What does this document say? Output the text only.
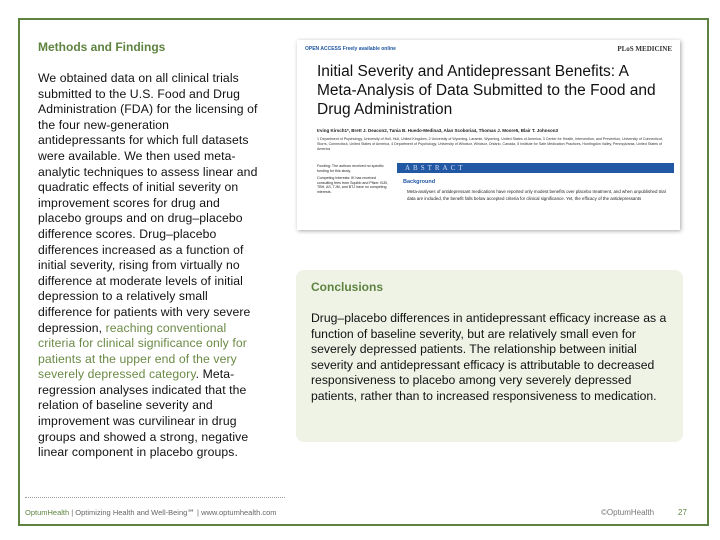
Methods and Findings
We obtained data on all clinical trials
submitted to the U.S. Food and Drug
Administration (FDA) for the licensing of
the four new-generation
antidepressants for which full datasets
were available. We then used meta-
analytic techniques to assess linear and
quadratic effects of initial severity on
improvement scores for drug and
placebo groups and on drug–placebo
difference scores. Drug–placebo
differences increased as a function of
initial severity, rising from virtually no
difference at moderate levels of initial
depression to a relatively small
difference for patients with very severe
depression, reaching conventional
criteria for clinical significance only for
patients at the upper end of the very
severely depressed category. Meta-
regression analyses indicated that the
relation of baseline severity and
improvement was curvilinear in drug
groups and showed a strong, negative
linear component in placebo groups.
OPEN ACCESS Freely available online	PLoS MEDICINE
Initial Severity and Antidepressant Benefits: A Meta-Analysis of Data Submitted to the Food and Drug Administration
Irving Kirsch1*, Brett J. Deacon2, Tania B. Huedo-Medina3, Alan Scoboria4, Thomas J. Moore5, Blair T. Johnson3
1 Department of Psychology, University of Hull, Hull, United Kingdom, 2 University of Wyoming, Laramie, Wyoming, United States of America, 3 Center for Health, Intervention, and Prevention, University of Connecticut, Storrs, Connecticut, United States of America, 4 Department of Psychology, University of Windsor, Windsor, Ontario, Canada, 5 Institute for Safe Medication Practices, Huntingdon Valley, Pennsylvania, United States of America
Funding: The authors received no specific funding for this study.
Competing Interests: IK has received consulting fees from Squibb and Pfizer. BJD, TBH, AS, TJM, and BTJ have no competing interests.
ABSTRACT
Background
Meta-analyses of antidepressant medications have reported only modest benefits over placebo treatment, and when unpublished trial data are included, the benefit falls below accepted criteria for clinical significance. Yet, the efficacy of the antidepressants
Conclusions

Drug–placebo differences in antidepressant efficacy increase as a function of baseline severity, but are relatively small even for severely depressed patients. The relationship between initial severity and antidepressant efficacy is attributable to decreased responsiveness to placebo among very severely depressed patients, rather than to increased responsiveness to medication.

OptumHealth | Optimizing Health and Well-Being℠ | www.optumhealth.com	©OptumHealth	27
